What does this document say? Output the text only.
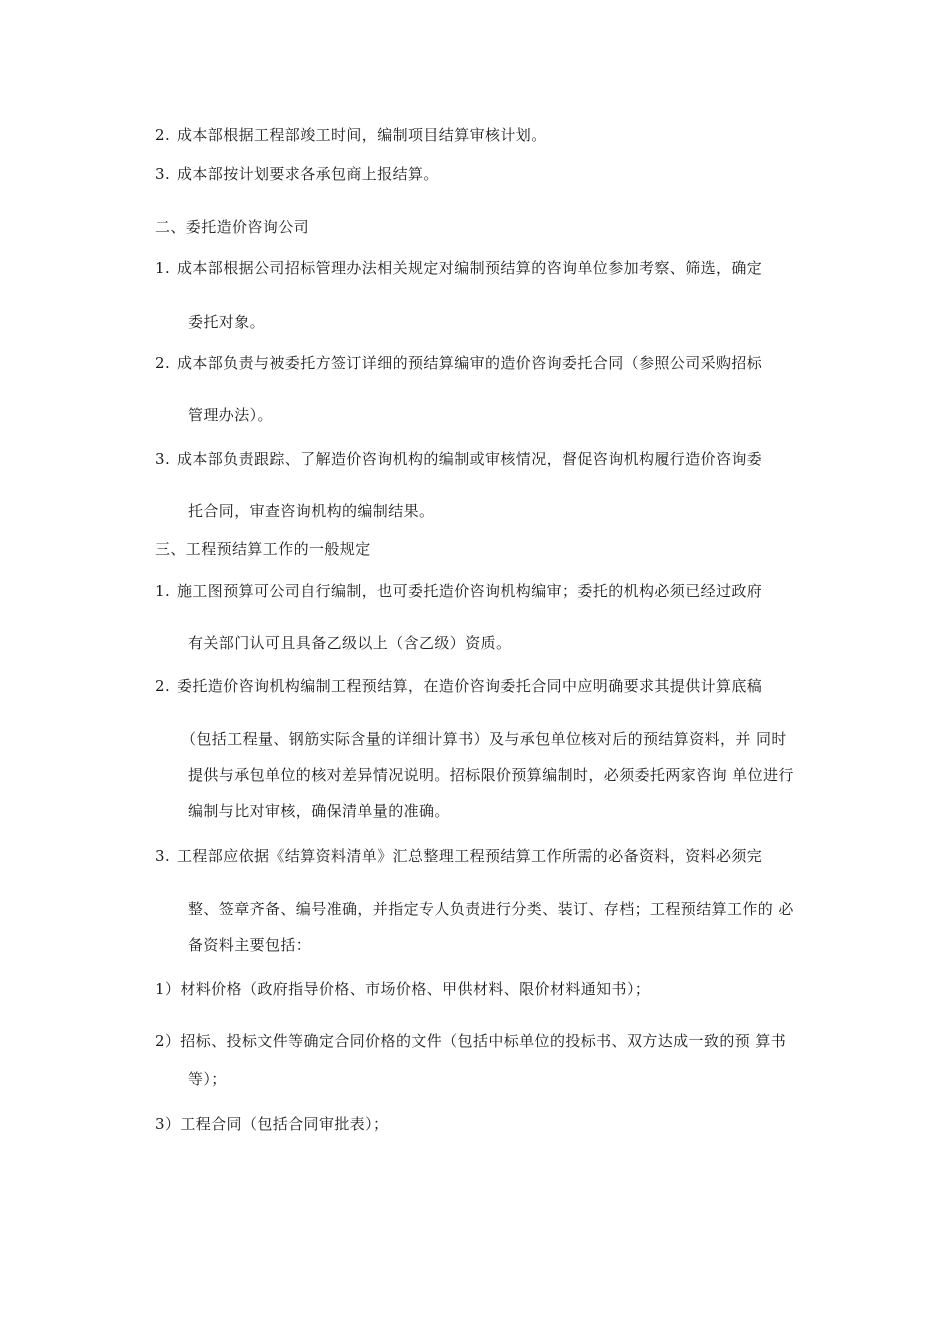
2. 成本部根据工程部竣工时间，编制项目结算审核计划。
3. 成本部按计划要求各承包商上报结算。
二、委托造价咨询公司
1. 成本部根据公司招标管理办法相关规定对编制预结算的咨询单位参加考察、筛选，确定
委托对象。
2. 成本部负责与被委托方签订详细的预结算编审的造价咨询委托合同（参照公司采购招标
管理办法）。
3. 成本部负责跟踪、了解造价咨询机构的编制或审核情况，督促咨询机构履行造价咨询委
托合同，审查咨询机构的编制结果。
三、工程预结算工作的一般规定
1. 施工图预算可公司自行编制，也可委托造价咨询机构编审；委托的机构必须已经过政府
有关部门认可且具备乙级以上（含乙级）资质。
2. 委托造价咨询机构编制工程预结算，在造价咨询委托合同中应明确要求其提供计算底稿
（包括工程量、钢筋实际含量的详细计算书）及与承包单位核对后的预结算资料，并 同时
提供与承包单位的核对差异情况说明。招标限价预算编制时，必须委托两家咨询 单位进行
编制与比对审核，确保清单量的准确。
3. 工程部应依据《结算资料清单》汇总整理工程预结算工作所需的必备资料，资料必须完
整、签章齐备、编号准确，并指定专人负责进行分类、装订、存档；工程预结算工作的 必
备资料主要包括：
1）材料价格（政府指导价格、市场价格、甲供材料、限价材料通知书）；
2）招标、投标文件等确定合同价格的文件（包括中标单位的投标书、双方达成一致的预 算书
等）；
3）工程合同（包括合同审批表）；
